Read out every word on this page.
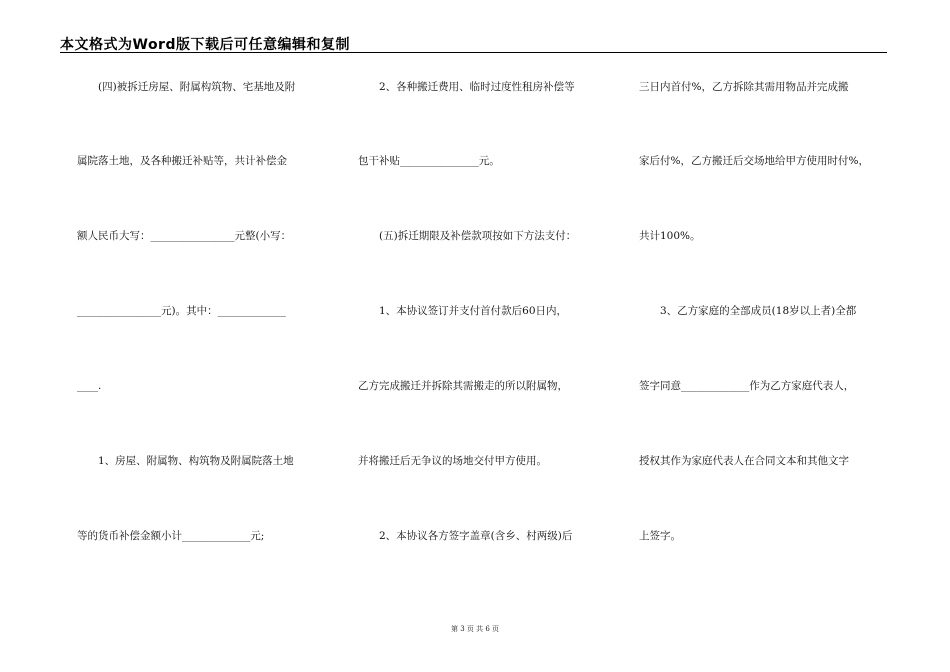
本文格式为Word版下载后可任意编辑和复制
　　(四)被拆迁房屋、附属构筑物、宅基地及附
属院落土地，及各种搬迁补贴等，共计补偿金
额人民币大写：________________元整(小写：
________________元)。其中：_____________
____.
　　1、房屋、附属物、构筑物及附属院落土地
等的货币补偿金额小计_____________元;
　　2、各种搬迁费用、临时过度性租房补偿等
包干补贴_______________元。
　　(五)拆迁期限及补偿款项按如下方法支付：
　　1、本协议签订并支付首付款后60日内，
乙方完成搬迁并拆除其需搬走的所以附属物，
并将搬迁后无争议的场地交付甲方使用。
　　2、本协议各方签字盖章(含乡、村两级)后
三日内首付%，乙方拆除其需用物品并完成搬
家后付%，乙方搬迁后交场地给甲方使用时付%，
共计100%。
　　3、乙方家庭的全部成员(18岁以上者)全都
签字同意_____________作为乙方家庭代表人，
授权其作为家庭代表人在合同文本和其他文字
上签字。
第 3 页 共 6 页
